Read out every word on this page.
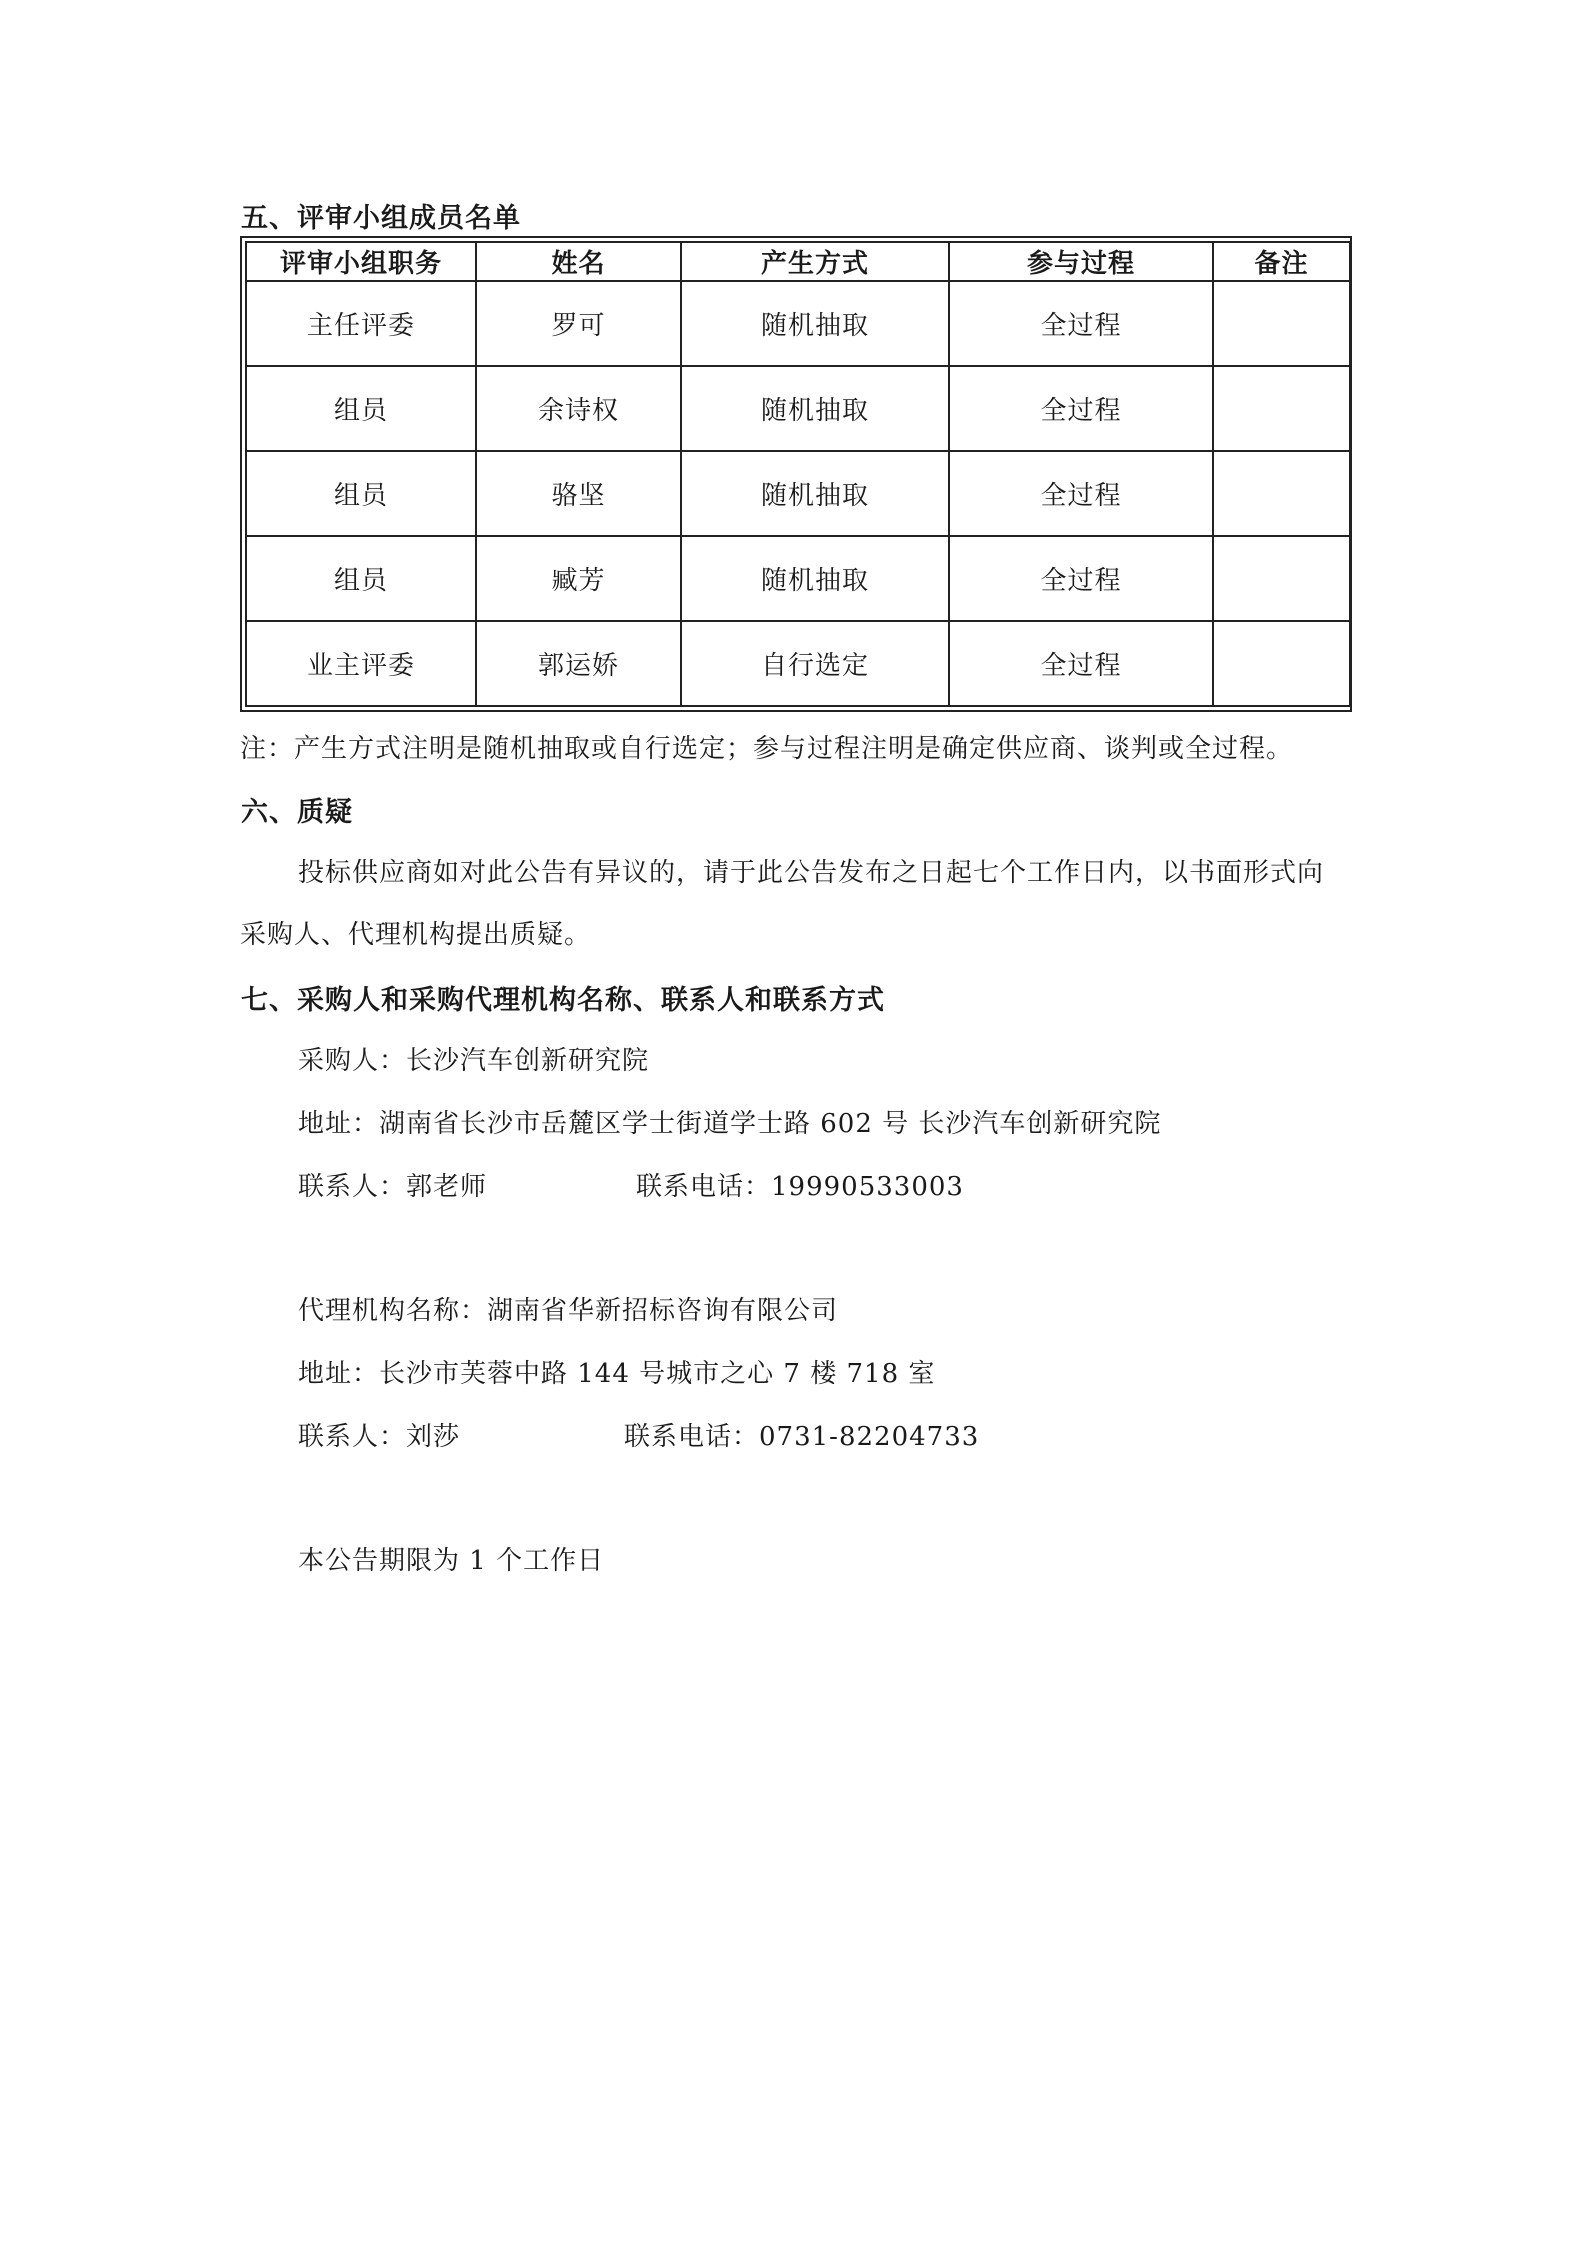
五、评审小组成员名单
评审小组职务	姓名	产生方式	参与过程	备注
主任评委	罗可	随机抽取	全过程	
组员	余诗权	随机抽取	全过程	
组员	骆坚	随机抽取	全过程	
组员	臧芳	随机抽取	全过程	
业主评委	郭运娇	自行选定	全过程	
注：产生方式注明是随机抽取或自行选定；参与过程注明是确定供应商、谈判或全过程。
六、质疑
投标供应商如对此公告有异议的，请于此公告发布之日起七个工作日内，以书面形式向
采购人、代理机构提出质疑。
七、采购人和采购代理机构名称、联系人和联系方式
采购人：长沙汽车创新研究院
地址：湖南省长沙市岳麓区学士街道学士路 602 号 长沙汽车创新研究院
联系人：郭老师	联系电话：19990533003
代理机构名称：湖南省华新招标咨询有限公司
地址：长沙市芙蓉中路 144 号城市之心 7 楼 718 室
联系人：刘莎	联系电话：0731-82204733
本公告期限为 1 个工作日
